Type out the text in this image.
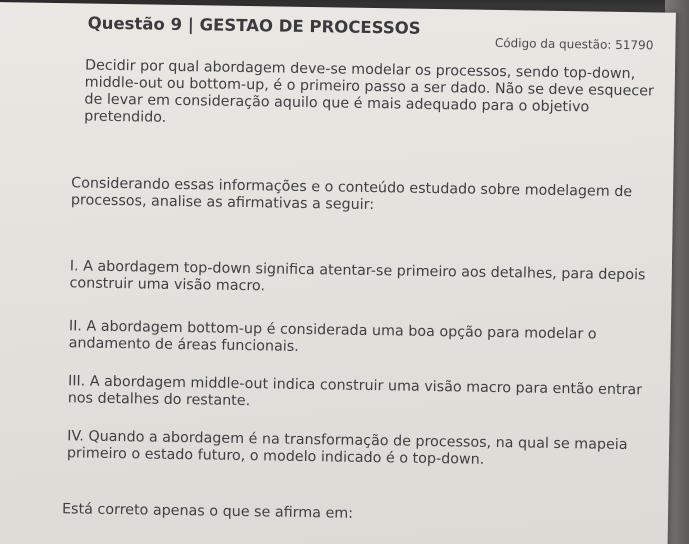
Questão 9 | GESTAO DE PROCESSOS
Código da questão: 51790
Decidir por qual abordagem deve-se modelar os processos, sendo top-down, middle-out ou bottom-up, é o primeiro passo a ser dado. Não se deve esquecer de levar em consideração aquilo que é mais adequado para o objetivo pretendido.
Considerando essas informações e o conteúdo estudado sobre modelagem de processos, analise as afirmativas a seguir:
I. A abordagem top-down significa atentar-se primeiro aos detalhes, para depois construir uma visão macro.
II. A abordagem bottom-up é considerada uma boa opção para modelar o andamento de áreas funcionais.
III. A abordagem middle-out indica construir uma visão macro para então entrar nos detalhes do restante.
IV. Quando a abordagem é na transformação de processos, na qual se mapeia primeiro o estado futuro, o modelo indicado é o top-down.
Está correto apenas o que se afirma em:
